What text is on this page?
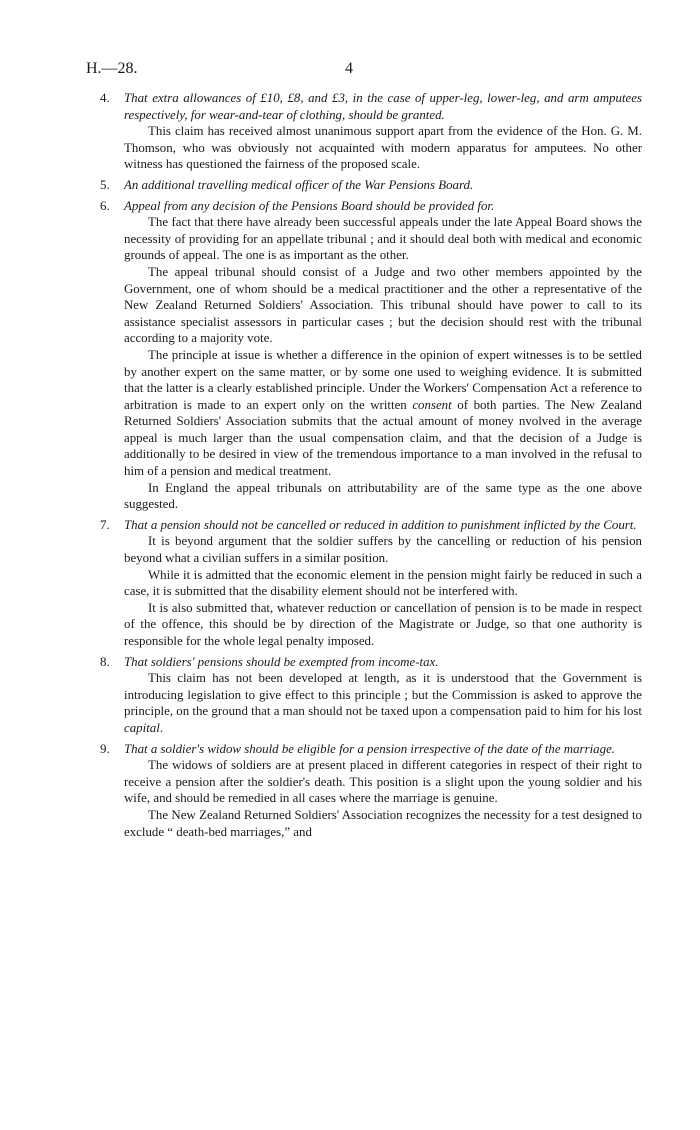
H.—28.	4
4. That extra allowances of £10, £8, and £3, in the case of upper-leg, lower-leg, and arm amputees respectively, for wear-and-tear of clothing, should be granted.

This claim has received almost unanimous support apart from the evidence of the Hon. G. M. Thomson, who was obviously not acquainted with modern apparatus for amputees. No other witness has questioned the fairness of the proposed scale.

5. An additional travelling medical officer of the War Pensions Board.
6. Appeal from any decision of the Pensions Board should be provided for.

The fact that there have already been successful appeals under the late Appeal Board shows the necessity of providing for an appellate tribunal ; and it should deal both with medical and economic grounds of appeal. The one is as important as the other.

The appeal tribunal should consist of a Judge and two other members appointed by the Government, one of whom should be a medical practitioner and the other a representative of the New Zealand Returned Soldiers' Association. This tribunal should have power to call to its assistance specialist assessors in particular cases ; but the decision should rest with the tribunal according to a majority vote.

The principle at issue is whether a difference in the opinion of expert witnesses is to be settled by another expert on the same matter, or by some one used to weighing evidence. It is submitted that the latter is a clearly established principle. Under the Workers' Compensation Act a reference to arbitration is made to an expert only on the written consent of both parties. The New Zealand Returned Soldiers' Association submits that the actual amount of money nvolved in the average appeal is much larger than the usual compensation claim, and that the decision of a Judge is additionally to be desired in view of the tremendous importance to a man involved in the refusal to him of a pension and medical treatment.

In England the appeal tribunals on attributability are of the same type as the one above suggested.

7. That a pension should not be cancelled or reduced in addition to punishment inflicted by the Court.

It is beyond argument that the soldier suffers by the cancelling or reduction of his pension beyond what a civilian suffers in a similar position.

While it is admitted that the economic element in the pension might fairly be reduced in such a case, it is submitted that the disability element should not be interfered with.

It is also submitted that, whatever reduction or cancellation of pension is to be made in respect of the offence, this should be by direction of the Magistrate or Judge, so that one authority is responsible for the whole legal penalty imposed.

8. That soldiers' pensions should be exempted from income-tax.

This claim has not been developed at length, as it is understood that the Government is introducing legislation to give effect to this principle ; but the Commission is asked to approve the principle, on the ground that a man should not be taxed upon a compensation paid to him for his lost capital.

9. That a soldier's widow should be eligible for a pension irrespective of the date of the marriage.

The widows of soldiers are at present placed in different categories in respect of their right to receive a pension after the soldier's death. This position is a slight upon the young soldier and his wife, and should be remedied in all cases where the marriage is genuine.

The New Zealand Returned Soldiers' Association recognizes the necessity for a test designed to exclude “ death-bed marriages,” and
